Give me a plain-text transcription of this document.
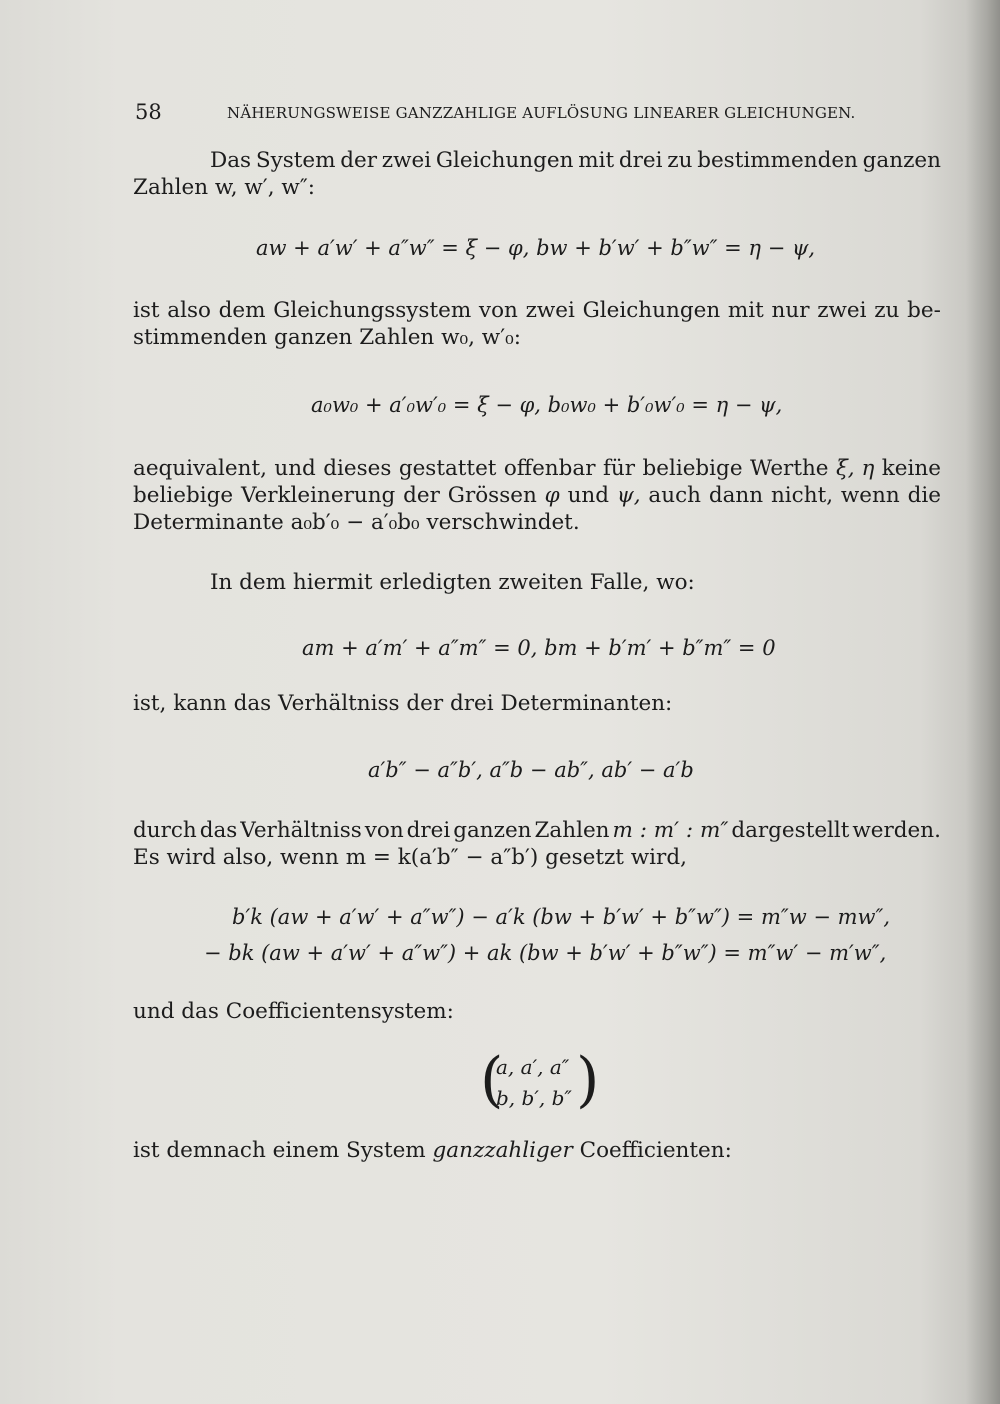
58	NÄHERUNGSWEISE GANZZAHLIGE AUFLÖSUNG LINEARER GLEICHUNGEN.
Das System der zwei Gleichungen mit drei zu bestimmenden ganzen
Zahlen w, w′, w″:
aw + a′w′ + a″w″ = ξ − φ, bw + b′w′ + b″w″ = η − ψ,
ist also dem Gleichungssystem von zwei Gleichungen mit nur zwei zu be-
stimmenden ganzen Zahlen w₀, w′₀:
a₀w₀ + a′₀w′₀ = ξ − φ, b₀w₀ + b′₀w′₀ = η − ψ,
aequivalent, und dieses gestattet offenbar für beliebige Werthe ξ, η keine
beliebige Verkleinerung der Grössen φ und ψ, auch dann nicht, wenn die
Determinante a₀b′₀ − a′₀b₀ verschwindet.
In dem hiermit erledigten zweiten Falle, wo:
am + a′m′ + a″m″ = 0, bm + b′m′ + b″m″ = 0
ist, kann das Verhältniss der drei Determinanten:
a′b″ − a″b′, a″b − ab″, ab′ − a′b
durch das Verhältniss von drei ganzen Zahlen m : m′ : m″ dargestellt werden.
Es wird also, wenn m = k(a′b″ − a″b′) gesetzt wird,
b′k (aw + a′w′ + a″w″) − a′k (bw + b′w′ + b″w″) = m″w − mw″,
− bk (aw + a′w′ + a″w″) + ak (bw + b′w′ + b″w″) = m″w′ − m′w″,
und das Coefficientensystem:
(
a, a′, a″
b, b′, b″ )
ist demnach einem System ganzzahliger Coefficienten:
